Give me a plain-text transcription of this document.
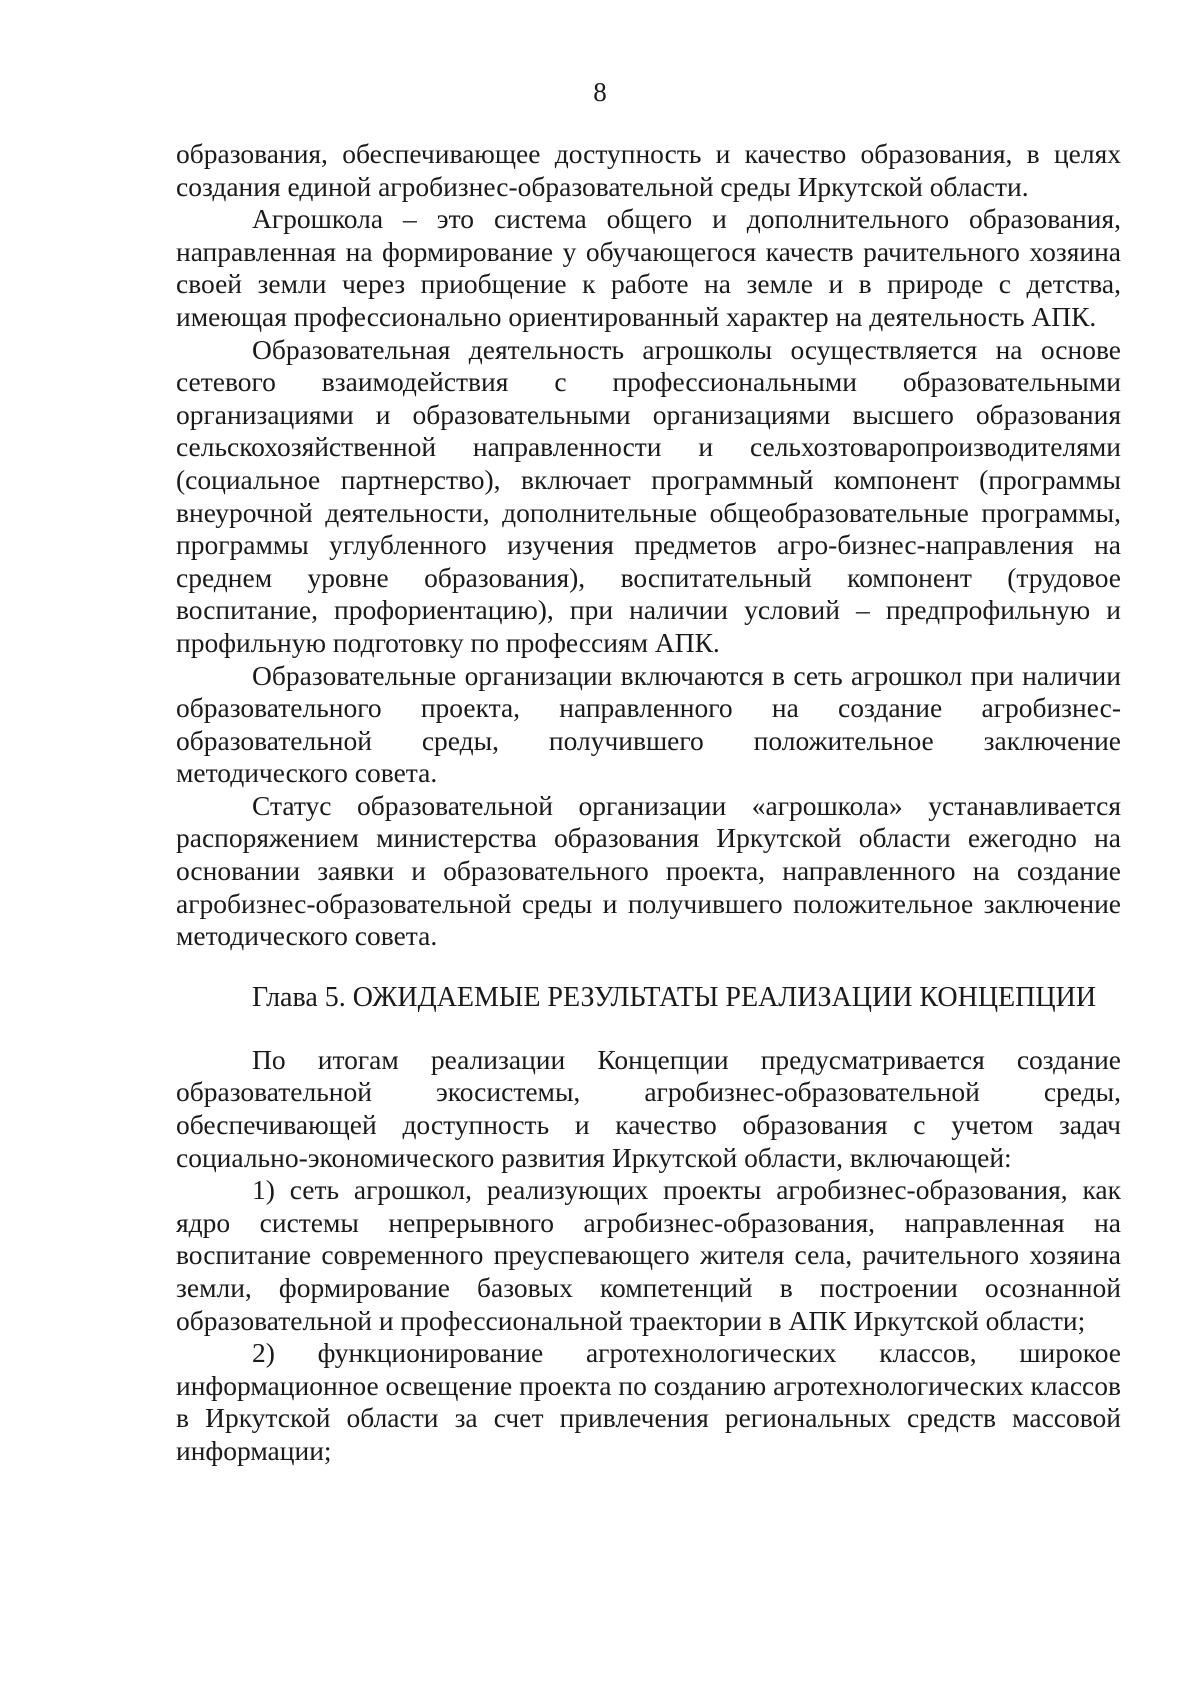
8

образования, обеспечивающее доступность и качество образования, в целях создания единой агробизнес-образовательной среды Иркутской области.

Агрошкола – это система общего и дополнительного образования, направленная на формирование у обучающегося качеств рачительного хозяина своей земли через приобщение к работе на земле и в природе с детства, имеющая профессионально ориентированный характер на деятельность АПК.

Образовательная деятельность агрошколы осуществляется на основе сетевого взаимодействия с профессиональными образовательными организациями и образовательными организациями высшего образования сельскохозяйственной направленности и сельхозтоваропроизводителями (социальное партнерство), включает программный компонент (программы внеурочной деятельности, дополнительные общеобразовательные программы, программы углубленного изучения предметов агро-бизнес-направления на среднем уровне образования), воспитательный компонент (трудовое воспитание, профориентацию), при наличии условий – предпрофильную и профильную подготовку по профессиям АПК.

Образовательные организации включаются в сеть агрошкол при наличии образовательного проекта, направленного на создание агробизнес-образовательной среды, получившего положительное заключение методического совета.

Статус образовательной организации «агрошкола» устанавливается распоряжением министерства образования Иркутской области ежегодно на основании заявки и образовательного проекта, направленного на создание агробизнес-образовательной среды и получившего положительное заключение методического совета.

Глава 5. ОЖИДАЕМЫЕ РЕЗУЛЬТАТЫ РЕАЛИЗАЦИИ КОНЦЕПЦИИ

По итогам реализации Концепции предусматривается создание образовательной экосистемы, агробизнес-образовательной среды, обеспечивающей доступность и качество образования с учетом задач социально-экономического развития Иркутской области, включающей:

1) сеть агрошкол, реализующих проекты агробизнес-образования, как ядро системы непрерывного агробизнес-образования, направленная на воспитание современного преуспевающего жителя села, рачительного хозяина земли, формирование базовых компетенций в построении осознанной образовательной и профессиональной траектории в АПК Иркутской области;

2) функционирование агротехнологических классов, широкое информационное освещение проекта по созданию агротехнологических классов в Иркутской области за счет привлечения региональных средств массовой информации;
